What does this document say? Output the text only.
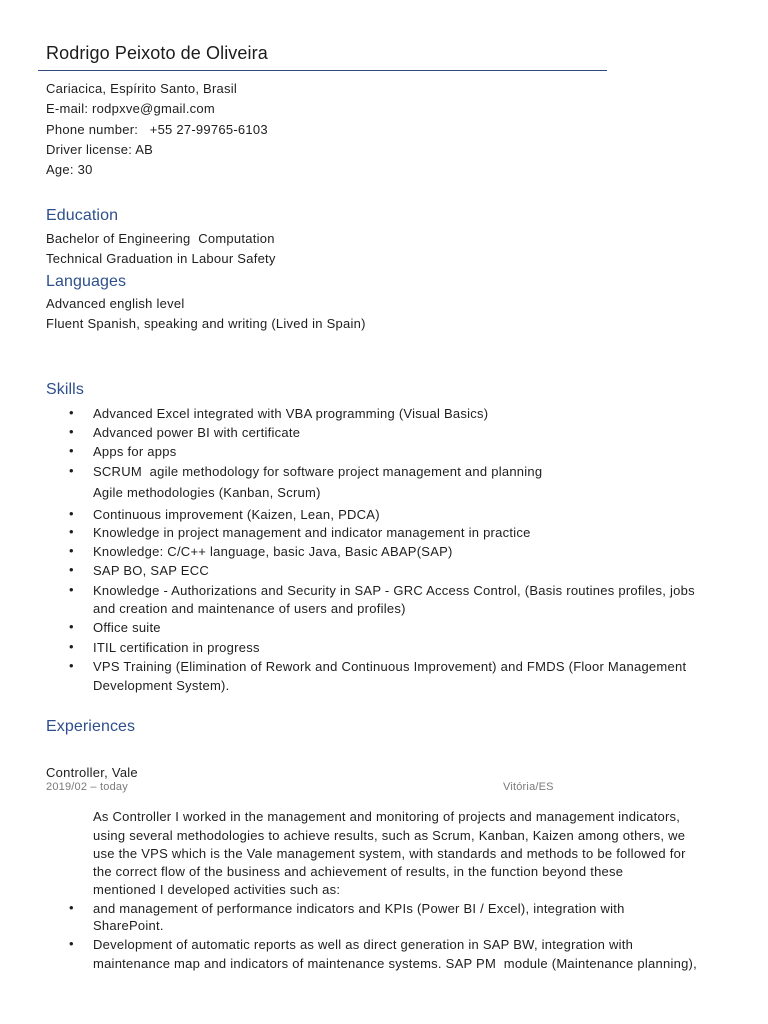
Rodrigo Peixoto de Oliveira
Cariacica, Espírito Santo, Brasil
E-mail: rodpxve@gmail.com
Phone number:   +55 27-99765-6103
Driver license: AB
Age: 30
Education
Bachelor of Engineering  Computation
Technical Graduation in Labour Safety
Languages
Advanced english level
Fluent Spanish, speaking and writing (Lived in Spain)
Skills
• Advanced Excel integrated with VBA programming (Visual Basics)
• Advanced power BI with certificate
• Apps for apps
• SCRUM  agile methodology for software project management and planning
Agile methodologies (Kanban, Scrum)
• Continuous improvement (Kaizen, Lean, PDCA)
• Knowledge in project management and indicator management in practice
• Knowledge: C/C++ language, basic Java, Basic ABAP(SAP)
• SAP BO, SAP ECC
• Knowledge - Authorizations and Security in SAP - GRC Access Control, (Basis routines profiles, jobs
and creation and maintenance of users and profiles)
• Office suite
• ITIL certification in progress
• VPS Training (Elimination of Rework and Continuous Improvement) and FMDS (Floor Management
Development System).
Experiences
Controller, Vale
2019/02 – today	Vitória/ES
As Controller I worked in the management and monitoring of projects and management indicators,
using several methodologies to achieve results, such as Scrum, Kanban, Kaizen among others, we
use the VPS which is the Vale management system, with standards and methods to be followed for
the correct flow of the business and achievement of results, in the function beyond these
mentioned I developed activities such as:
• and management of performance indicators and KPIs (Power BI / Excel), integration with
SharePoint.
• Development of automatic reports as well as direct generation in SAP BW, integration with
maintenance map and indicators of maintenance systems. SAP PM  module (Maintenance planning),
